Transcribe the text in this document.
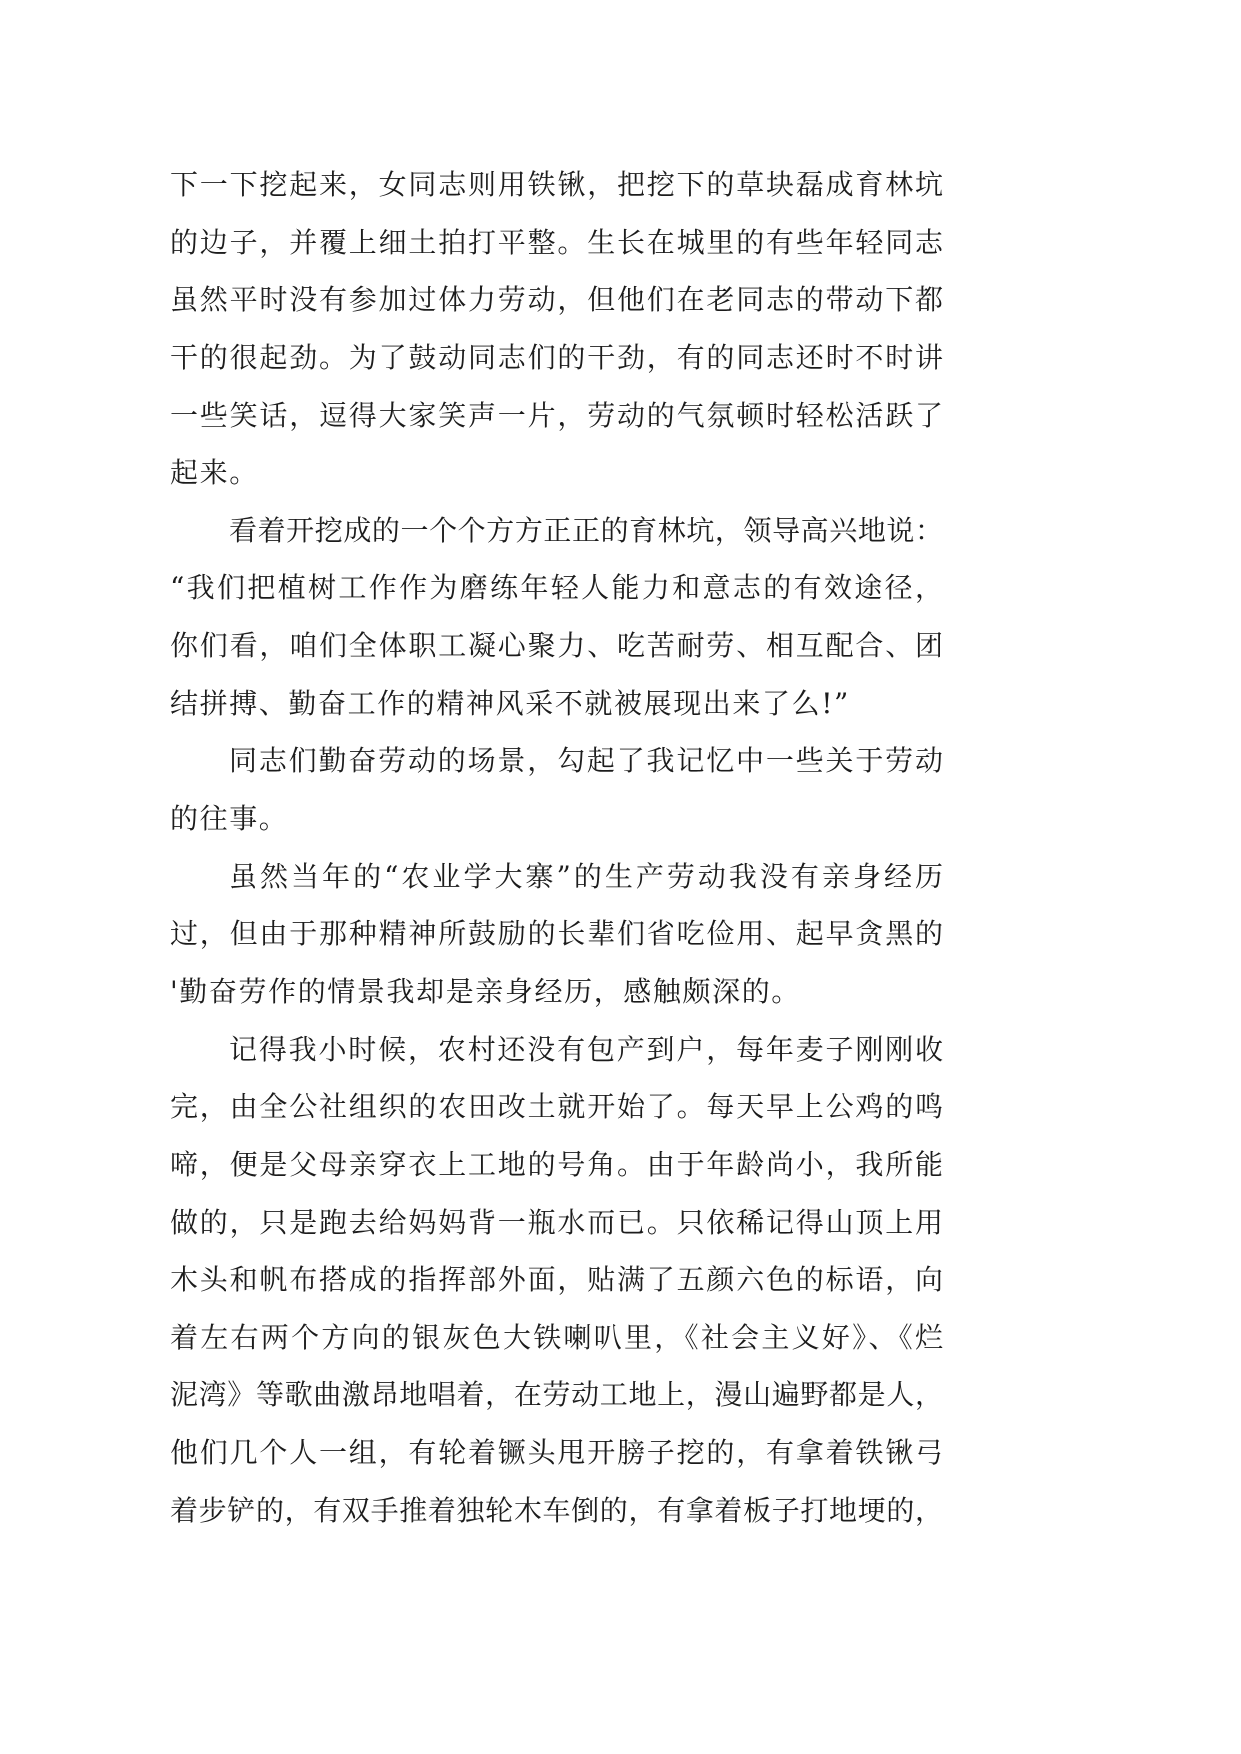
下一下挖起来，女同志则用铁锹，把挖下的草块磊成育林坑
的边子，并覆上细土拍打平整。生长在城里的有些年轻同志
虽然平时没有参加过体力劳动，但他们在老同志的带动下都
干的很起劲。为了鼓动同志们的干劲，有的同志还时不时讲
一些笑话，逗得大家笑声一片，劳动的气氛顿时轻松活跃了
起来。
看着开挖成的一个个方方正正的育林坑，领导高兴地说：
“我们把植树工作作为磨练年轻人能力和意志的有效途径，
你们看，咱们全体职工凝心聚力、吃苦耐劳、相互配合、团
结拼搏、勤奋工作的精神风采不就被展现出来了么!”
同志们勤奋劳动的场景，勾起了我记忆中一些关于劳动
的往事。
虽然当年的“农业学大寨”的生产劳动我没有亲身经历
过，但由于那种精神所鼓励的长辈们省吃俭用、起早贪黑的
'勤奋劳作的情景我却是亲身经历，感触颇深的。
记得我小时候，农村还没有包产到户，每年麦子刚刚收
完，由全公社组织的农田改土就开始了。每天早上公鸡的鸣
啼，便是父母亲穿衣上工地的号角。由于年龄尚小，我所能
做的，只是跑去给妈妈背一瓶水而已。只依稀记得山顶上用
木头和帆布搭成的指挥部外面，贴满了五颜六色的标语，向
着左右两个方向的银灰色大铁喇叭里，《社会主义好》、《烂
泥湾》等歌曲激昂地唱着，在劳动工地上，漫山遍野都是人，
他们几个人一组，有轮着镢头甩开膀子挖的，有拿着铁锹弓
着步铲的，有双手推着独轮木车倒的，有拿着板子打地埂的，
